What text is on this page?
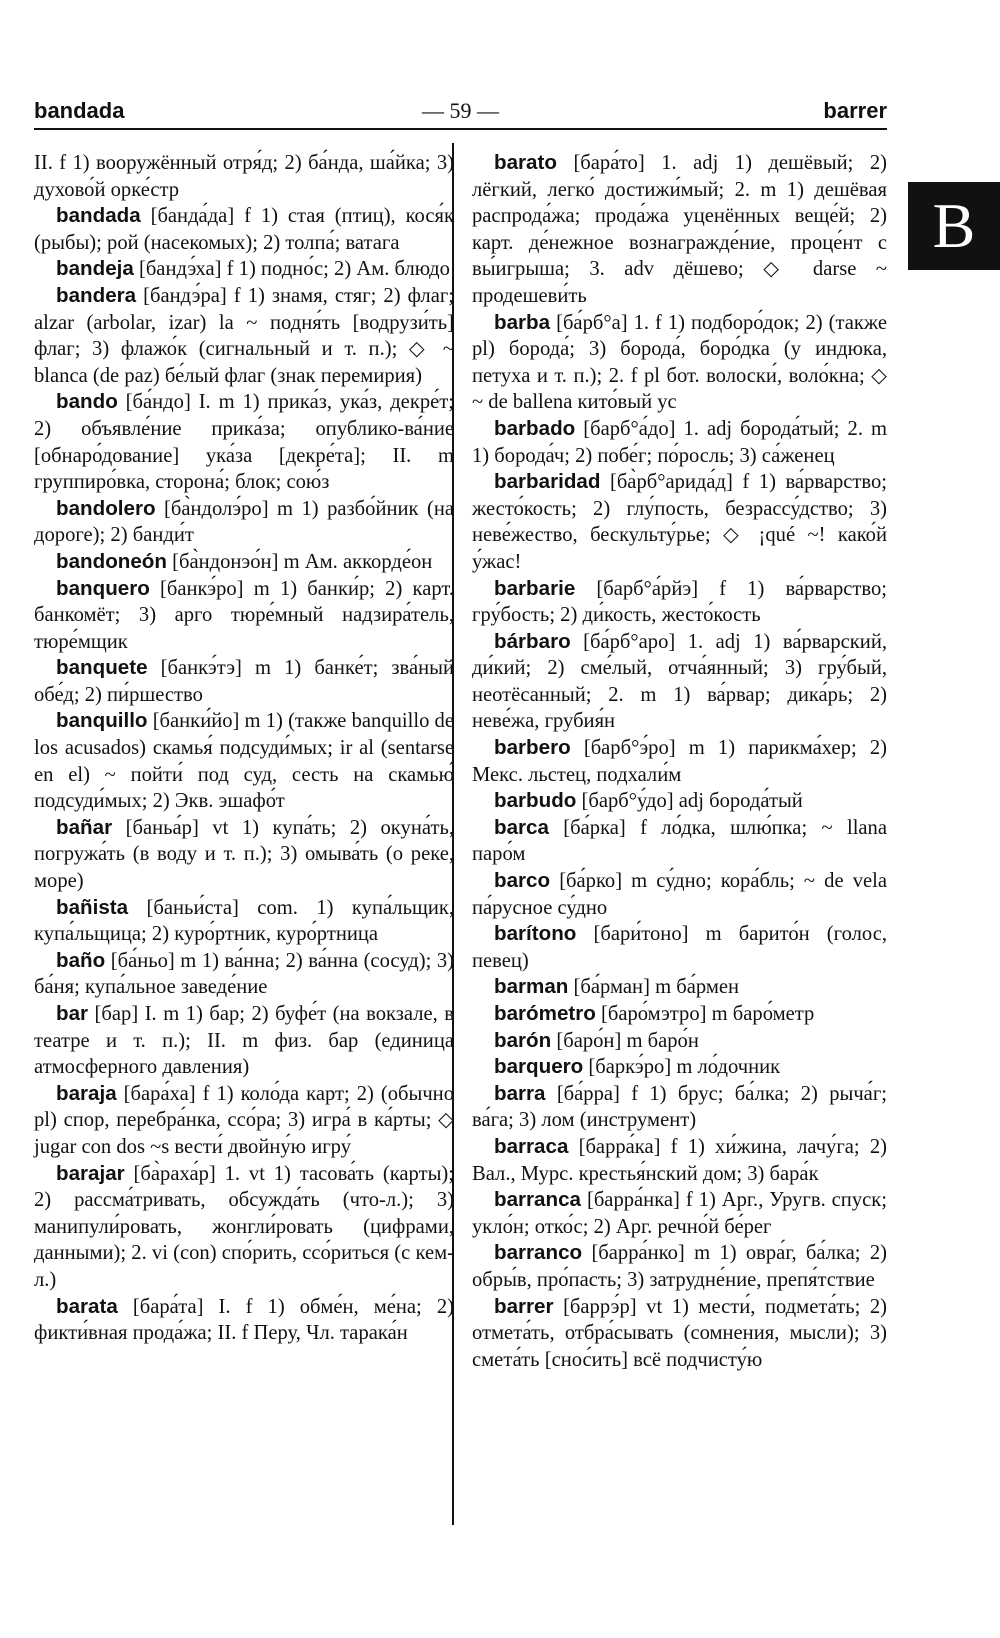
bandada	— 59 —	barrer

II. f 1) вооружённый отря́д; 2) ба́нда, ша́йка; 3) духово́й орке́стр

bandada [банда́да] f 1) стая (птиц), кося́к (рыбы); рой (насекомых); 2) толпа́; ватага

bandeja [бандэ́ха] f 1) подно́с; 2) Ам. блюдо

bandera [бандэ́ра] f 1) знамя, стяг; 2) флаг; alzar (arbolar, izar) la ~ подня́ть [водрузи́ть] флаг; 3) флажо́к (сигнальный и т. п.); ◇ ~ blanca (de paz) бе́лый флаг (знак перемирия)

bando [ба́ндо] I. m 1) прика́з, ука́з, декре́т; 2) объявле́ние прика́за; опублико-ва́ние [обнаро́дование] ука́за [декре́та]; II. m группиро́вка, сторона́; блок; сою́з

bandolero [ба̀ндолэ́ро] m 1) разбо́йник (на дороге); 2) банди́т

bandoneón [ба̀ндонэо́н] m Ам. аккорде́он

banquero [банкэ́ро] m 1) банки́р; 2) карт. банкомёт; 3) арго тюре́мный надзира́тель, тюре́мщик

banquete [банкэ́тэ] m 1) банке́т; зва́ный обе́д; 2) пи́ршество

banquillo [банки́йо] m 1) (также banquillo de los acusados) скамья́ подсуди́мых; ir al (sentarse en el) ~ пойти́ под суд, сесть на скамью́ подсуди́мых; 2) Экв. эшафо́т

bañar [баньа́р] vt 1) купа́ть; 2) окуна́ть, погружа́ть (в воду и т. п.); 3) омыва́ть (о реке, море)

bañista [баньи́ста] com. 1) купа́льщик, купа́льщица; 2) куро́ртник, куро́ртница

baño [ба́ньо] m 1) ва́нна; 2) ва́нна (сосуд); 3) ба́ня; купа́льное заведе́ние

bar [бар] I. m 1) бар; 2) буфе́т (на вокзале, в театре и т. п.); II. m физ. бар (единица атмосферного давления)

baraja [бара́ха] f 1) коло́да карт; 2) (обычно pl) спор, перебра́нка, ссо́ра; 3) игра́ в ка́рты; ◇ jugar con dos ~s вести́ двойну́ю игру́

barajar [ба̀раха́р] 1. vt 1) тасова́ть (карты); 2) рассма́тривать, обсужда́ть (что-л.); 3) манипули́ровать, жонгли́ровать (цифрами, данными); 2. vi (con) спо́рить, ссо́риться (с кем-л.)

barata [бара́та] I. f 1) обме́н, ме́на; 2) фикти́вная прода́жа; II. f Перу, Чл. тарака́н

barato [бара́то] 1. adj 1) дешёвый; 2) лёгкий, легко́ достижи́мый; 2. m 1) дешёвая распрода́жа; прода́жа уценённых веще́й; 2) карт. де́нежное вознагражде́ние, проце́нт с вы́игрыша; 3. adv дёшево; ◇ darse ~ продешеви́ть

barba [ба́рб°а] 1. f 1) подборо́док; 2) (также pl) борода́; 3) борода́, боро́дка (у индюка, петуха и т. п.); 2. f pl бот. волоски́, воло́кна; ◇ ~ de ballena кито́вый ус

barbado [барб°а́до] 1. adj борода́тый; 2. m 1) борода́ч; 2) побе́г; по́росль; 3) са́женец

barbaridad [ба̀рб°арида́д] f 1) ва́рварство; жесто́кость; 2) глу́пость, безрассу́дство; 3) неве́жество, бескульту́рье; ◇ ¡qué ~! како́й у́жас!

barbarie [барб°а́рйэ] f 1) ва́рварство; гру́бость; 2) ди́кость, жесто́кость

bárbaro [ба́рб°аро] 1. adj 1) ва́рварский, ди́кий; 2) сме́лый, отча́янный; 3) гру́бый, неотёсанный; 2. m 1) ва́рвар; дика́рь; 2) неве́жа, грубия́н

barbero [барб°э́ро] m 1) парикма́хер; 2) Мекс. льстец, подхали́м

barbudo [барб°у́до] adj борода́тый

barca [ба́рка] f ло́дка, шлю́пка; ~ llana паро́м

barco [ба́рко] m су́дно; кора́бль; ~ de vela па́русное су́дно

barítono [бари́тоно] m барито́н (голос, певец)

barman [ба́рман] m ба́рмен

barómetro [баро́мэтро] m баро́метр

barón [баро́н] m баро́н

barquero [баркэ́ро] m ло́дочник

barra [ба́рра] f 1) брус; ба́лка; 2) рыча́г; ва́га; 3) лом (инструмент)

barraca [барра́ка] f 1) хи́жина, лачу́га; 2) Вал., Мурс. крестья́нский дом; 3) бара́к

barranca [барра́нка] f 1) Арг., Уругв. спуск; укло́н; отко́с; 2) Арг. речно́й бе́рег

barranco [барра́нко] m 1) овра́г, ба́лка; 2) обры́в, про́пасть; 3) затрудне́ние, препя́тствие

barrer [баррэ́р] vt 1) мести́, подмета́ть; 2) отмета́ть, отбра́сывать (сомнения, мысли); 3) смета́ть [снос́ить] всё подчисту́ю

B
